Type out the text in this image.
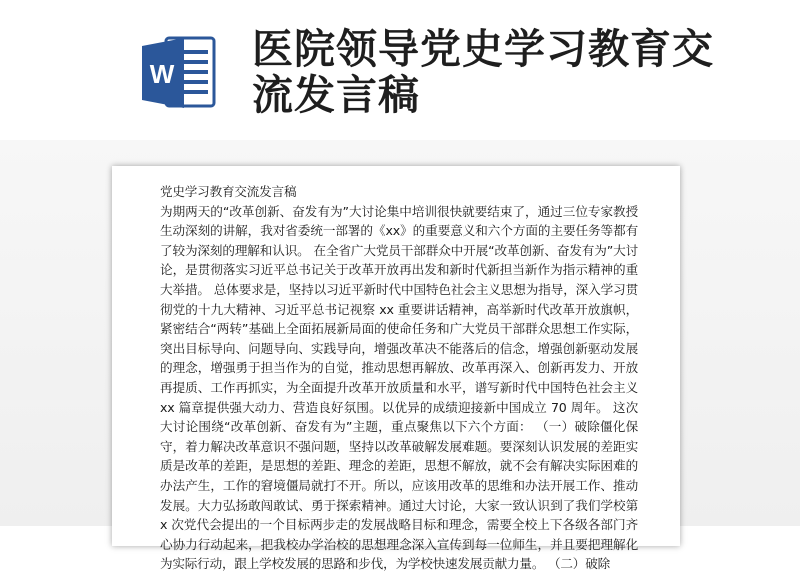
W
医院领导党史学习教育交流发言稿
党史学习教育交流发言稿
为期两天的“改革创新、奋发有为”大讨论集中培训很快就要结束了，通过三位专家教授生动深刻的讲解，我对省委统一部署的《xx》的重要意义和六个方面的主要任务等都有了较为深刻的理解和认识。 在全省广大党员干部群众中开展“改革创新、奋发有为”大讨论，是贯彻落实习近平总书记关于改革开放再出发和新时代新担当新作为指示精神的重大举措。 总体要求是，坚持以习近平新时代中国特色社会主义思想为指导，深入学习贯彻党的十九大精神、习近平总书记视察 xx 重要讲话精神，高举新时代改革开放旗帜，紧密结合“两转”基础上全面拓展新局面的使命任务和广大党员干部群众思想工作实际，突出目标导向、问题导向、实践导向，增强改革决不能落后的信念，增强创新驱动发展的理念，增强勇于担当作为的自觉，推动思想再解放、改革再深入、创新再发力、开放再提质、工作再抓实，为全面提升改革开放质量和水平，谱写新时代中国特色社会主义 xx 篇章提供强大动力、营造良好氛围。以优异的成绩迎接新中国成立 70 周年。 这次大讨论围绕“改革创新、奋发有为”主题，重点聚焦以下六个方面： （一）破除僵化保守，着力解决改革意识不强问题，坚持以改革破解发展难题。要深刻认识发展的差距实质是改革的差距，是思想的差距、理念的差距，思想不解放，就不会有解决实际困难的办法产生，工作的窘境僵局就打不开。所以，应该用改革的思维和办法开展工作、推动发展。大力弘扬敢闯敢试、勇于探索精神。通过大讨论，大家一致认识到了我们学校第 x 次党代会提出的一个目标两步走的发展战略目标和理念，需要全校上下各级各部门齐心协力行动起来，把我校办学治校的思想理念深入宣传到每一位师生，并且要把理解化为实际行动，跟上学校发展的思路和步伐，为学校快速发展贡献力量。 （二）破除
